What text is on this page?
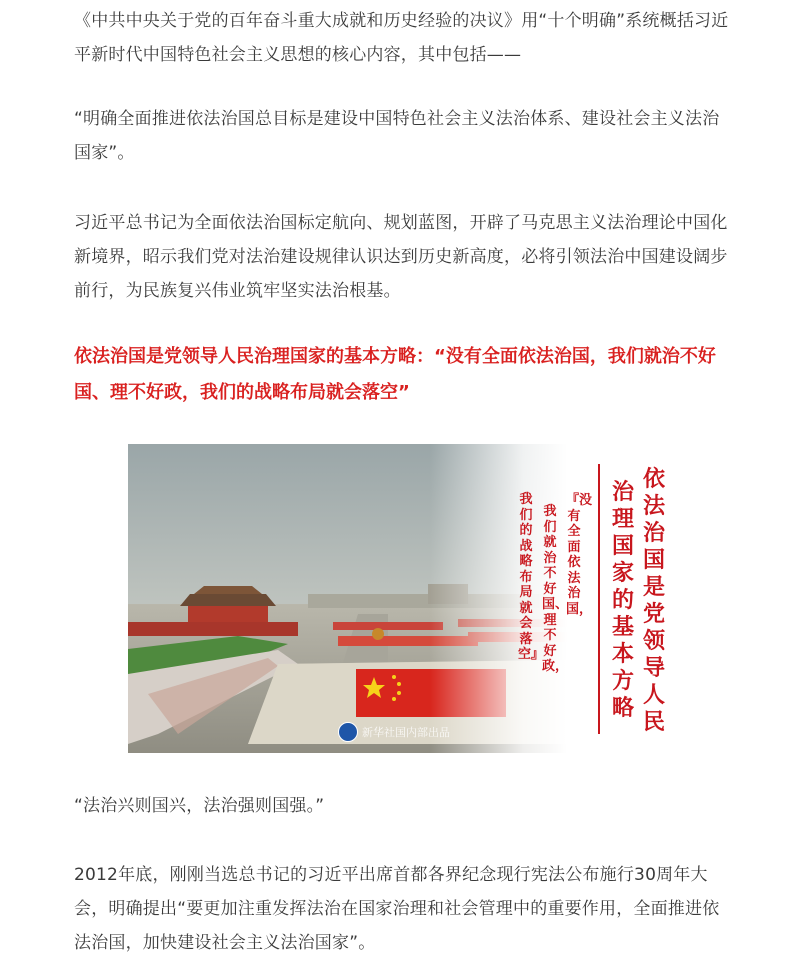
《中共中央关于党的百年奋斗重大成就和历史经验的决议》用“十个明确”系统概括习近平新时代中国特色社会主义思想的核心内容，其中包括——

“明确全面推进依法治国总目标是建设中国特色社会主义法治体系、建设社会主义法治国家”。

习近平总书记为全面依法治国标定航向、规划蓝图，开辟了马克思主义法治理论中国化新境界，昭示我们党对法治建设规律认识达到历史新高度，必将引领法治中国建设阔步前行，为民族复兴伟业筑牢坚实法治根基。

依法治国是党领导人民治理国家的基本方略：“没有全面依法治国，我们就治不好国、理不好政，我们的战略布局就会落空”

“法治兴则国兴，法治强则国强。”

2012年底，刚刚当选总书记的习近平出席首都各界纪念现行宪法公布施行30周年大会，明确提出“要更加注重发挥法治在国家治理和社会管理中的重要作用，全面推进依法治国，加快建设社会主义法治国家”。

依法治国是党领导人民
治理国家的基本方略
『没有全面依法治国，
我们就治不好国、理不好政，
我们的战略布局就会落空』
新华社国内部出品
